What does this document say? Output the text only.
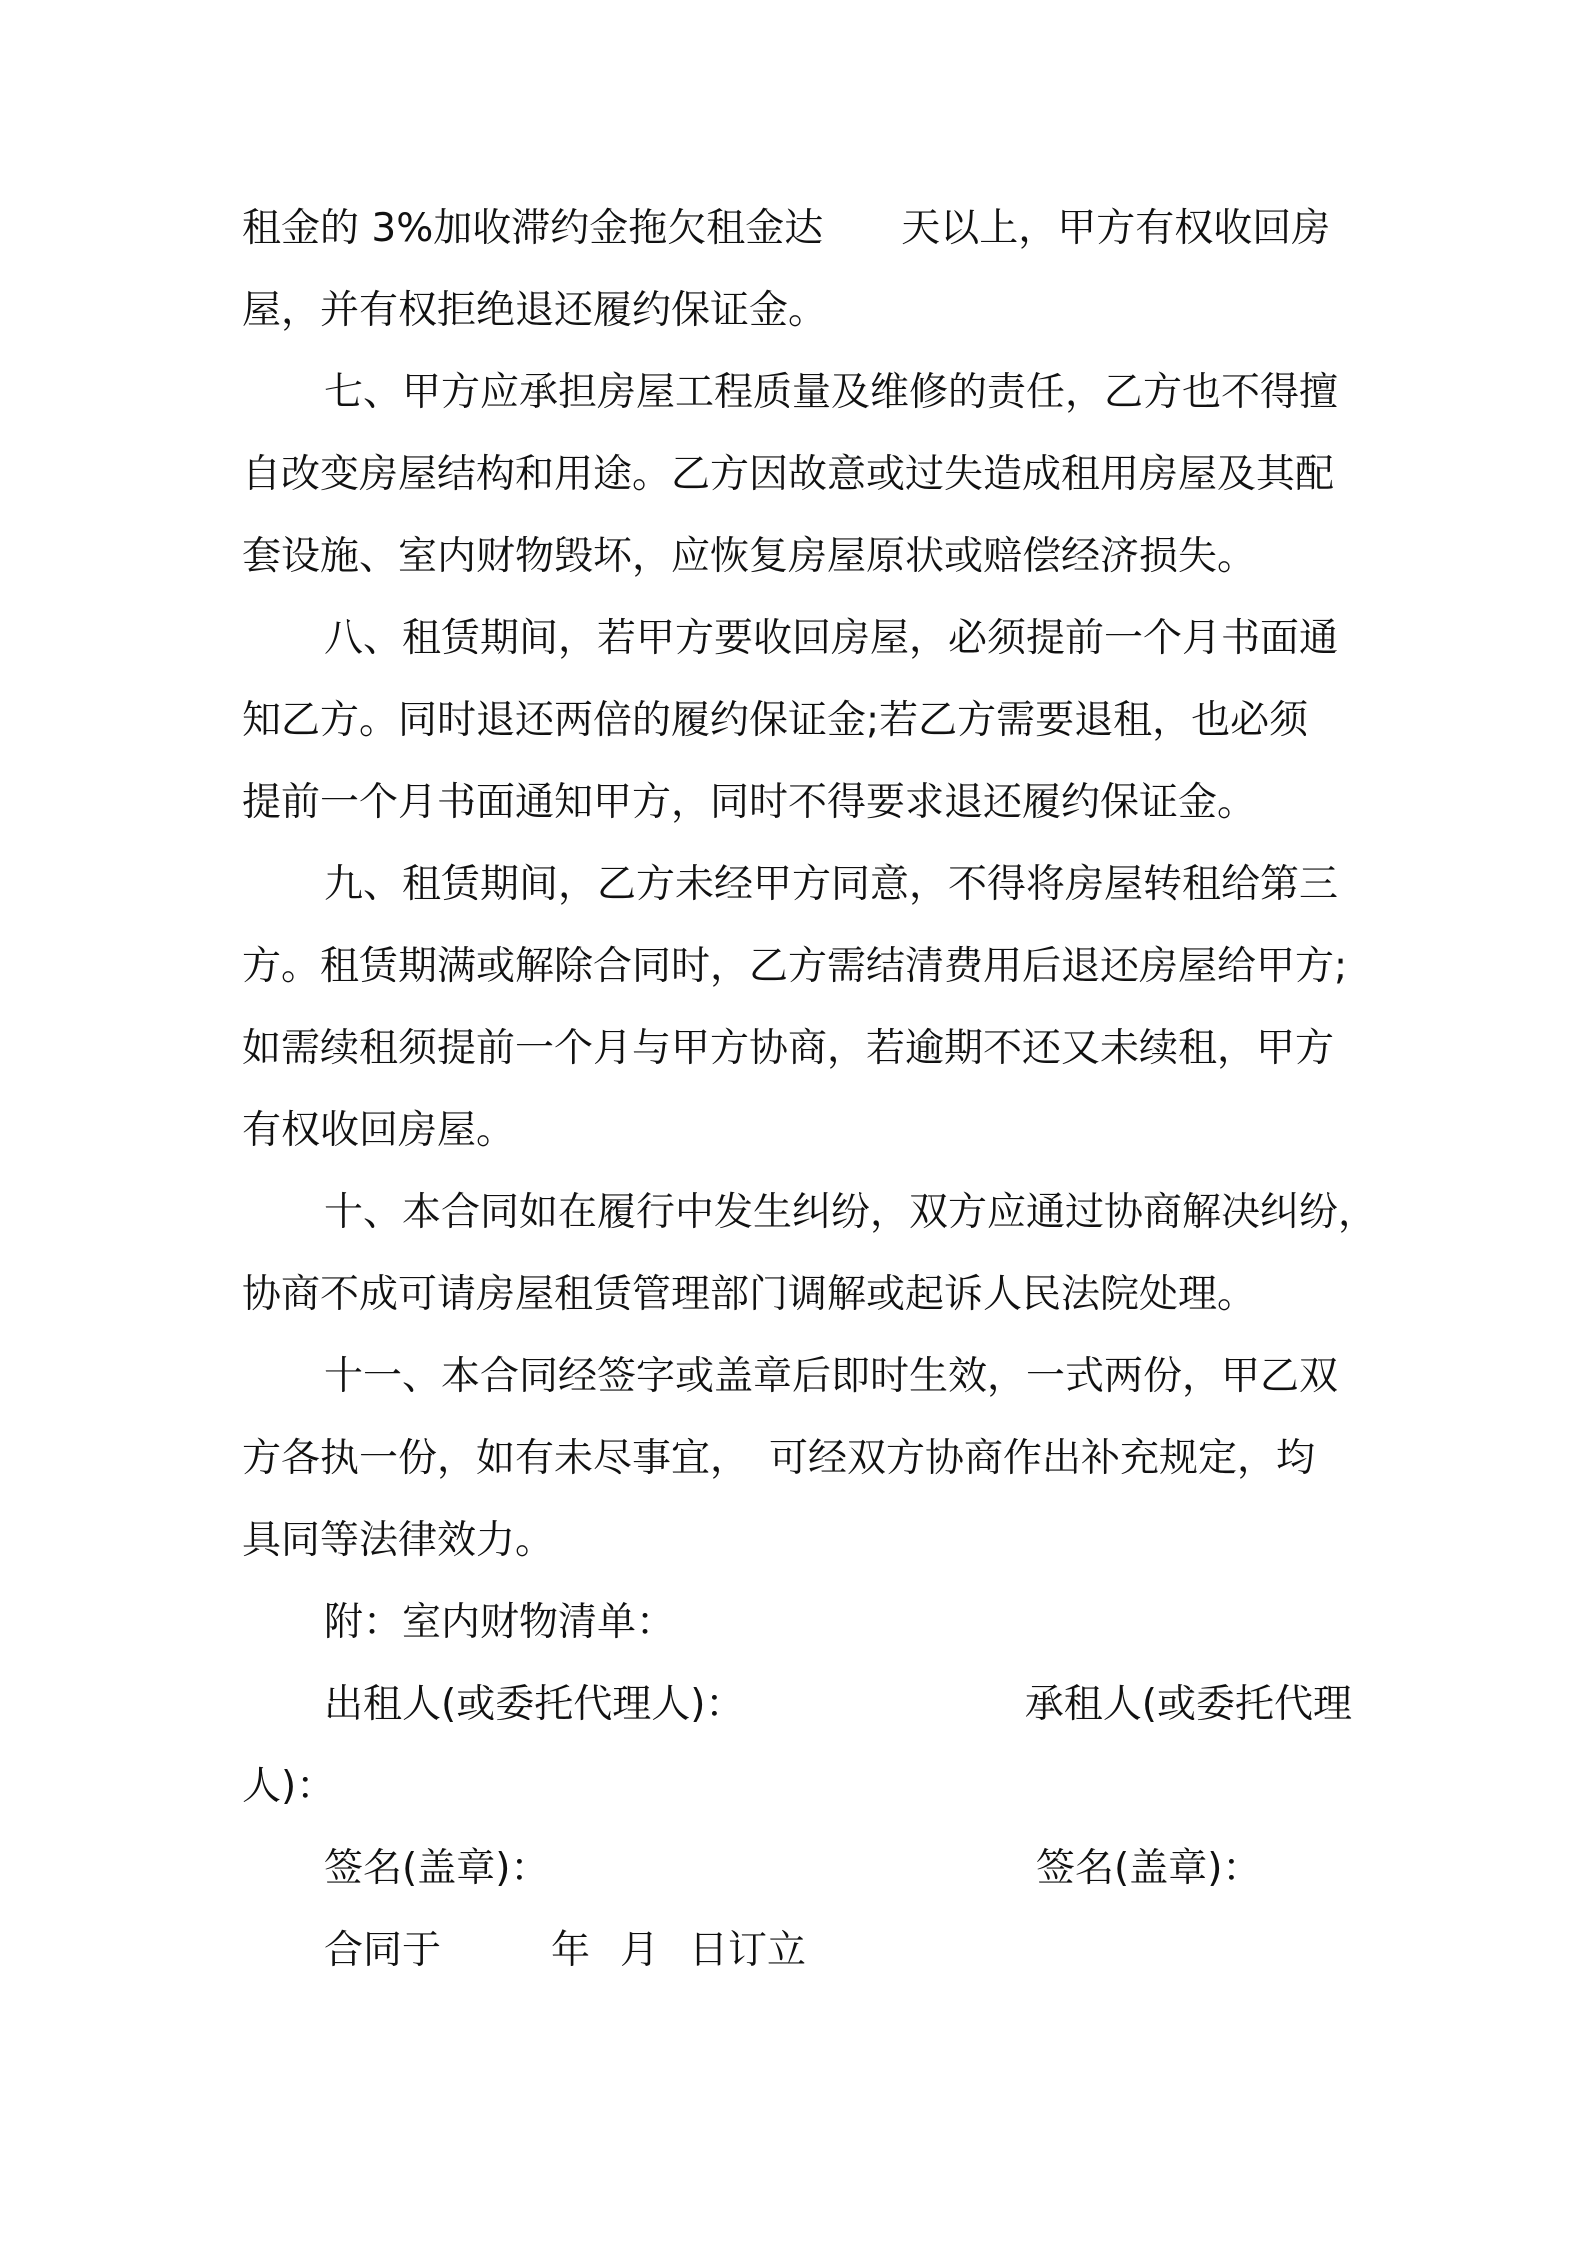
租金的 3%加收滞约金拖欠租金达 天以上，甲方有权收回房
屋，并有权拒绝退还履约保证金。
七、甲方应承担房屋工程质量及维修的责任，乙方也不得擅
自改变房屋结构和用途。乙方因故意或过失造成租用房屋及其配
套设施、室内财物毁坏，应恢复房屋原状或赔偿经济损失。
八、租赁期间，若甲方要收回房屋，必须提前一个月书面通
知乙方。同时退还两倍的履约保证金;若乙方需要退租，也必须
提前一个月书面通知甲方，同时不得要求退还履约保证金。
九、租赁期间，乙方未经甲方同意，不得将房屋转租给第三
方。租赁期满或解除合同时，乙方需结清费用后退还房屋给甲方;
如需续租须提前一个月与甲方协商，若逾期不还又未续租，甲方
有权收回房屋。
十、本合同如在履行中发生纠纷，双方应通过协商解决纠纷，
协商不成可请房屋租赁管理部门调解或起诉人民法院处理。
十一、本合同经签字或盖章后即时生效，一式两份，甲乙双
方各执一份，如有未尽事宜， 可经双方协商作出补充规定，均
具同等法律效力。
附：室内财物清单：
出租人(或委托代理人)：	承租人(或委托代理
人)：
签名(盖章)：	签名(盖章)：
合同于	年 月 日订立
